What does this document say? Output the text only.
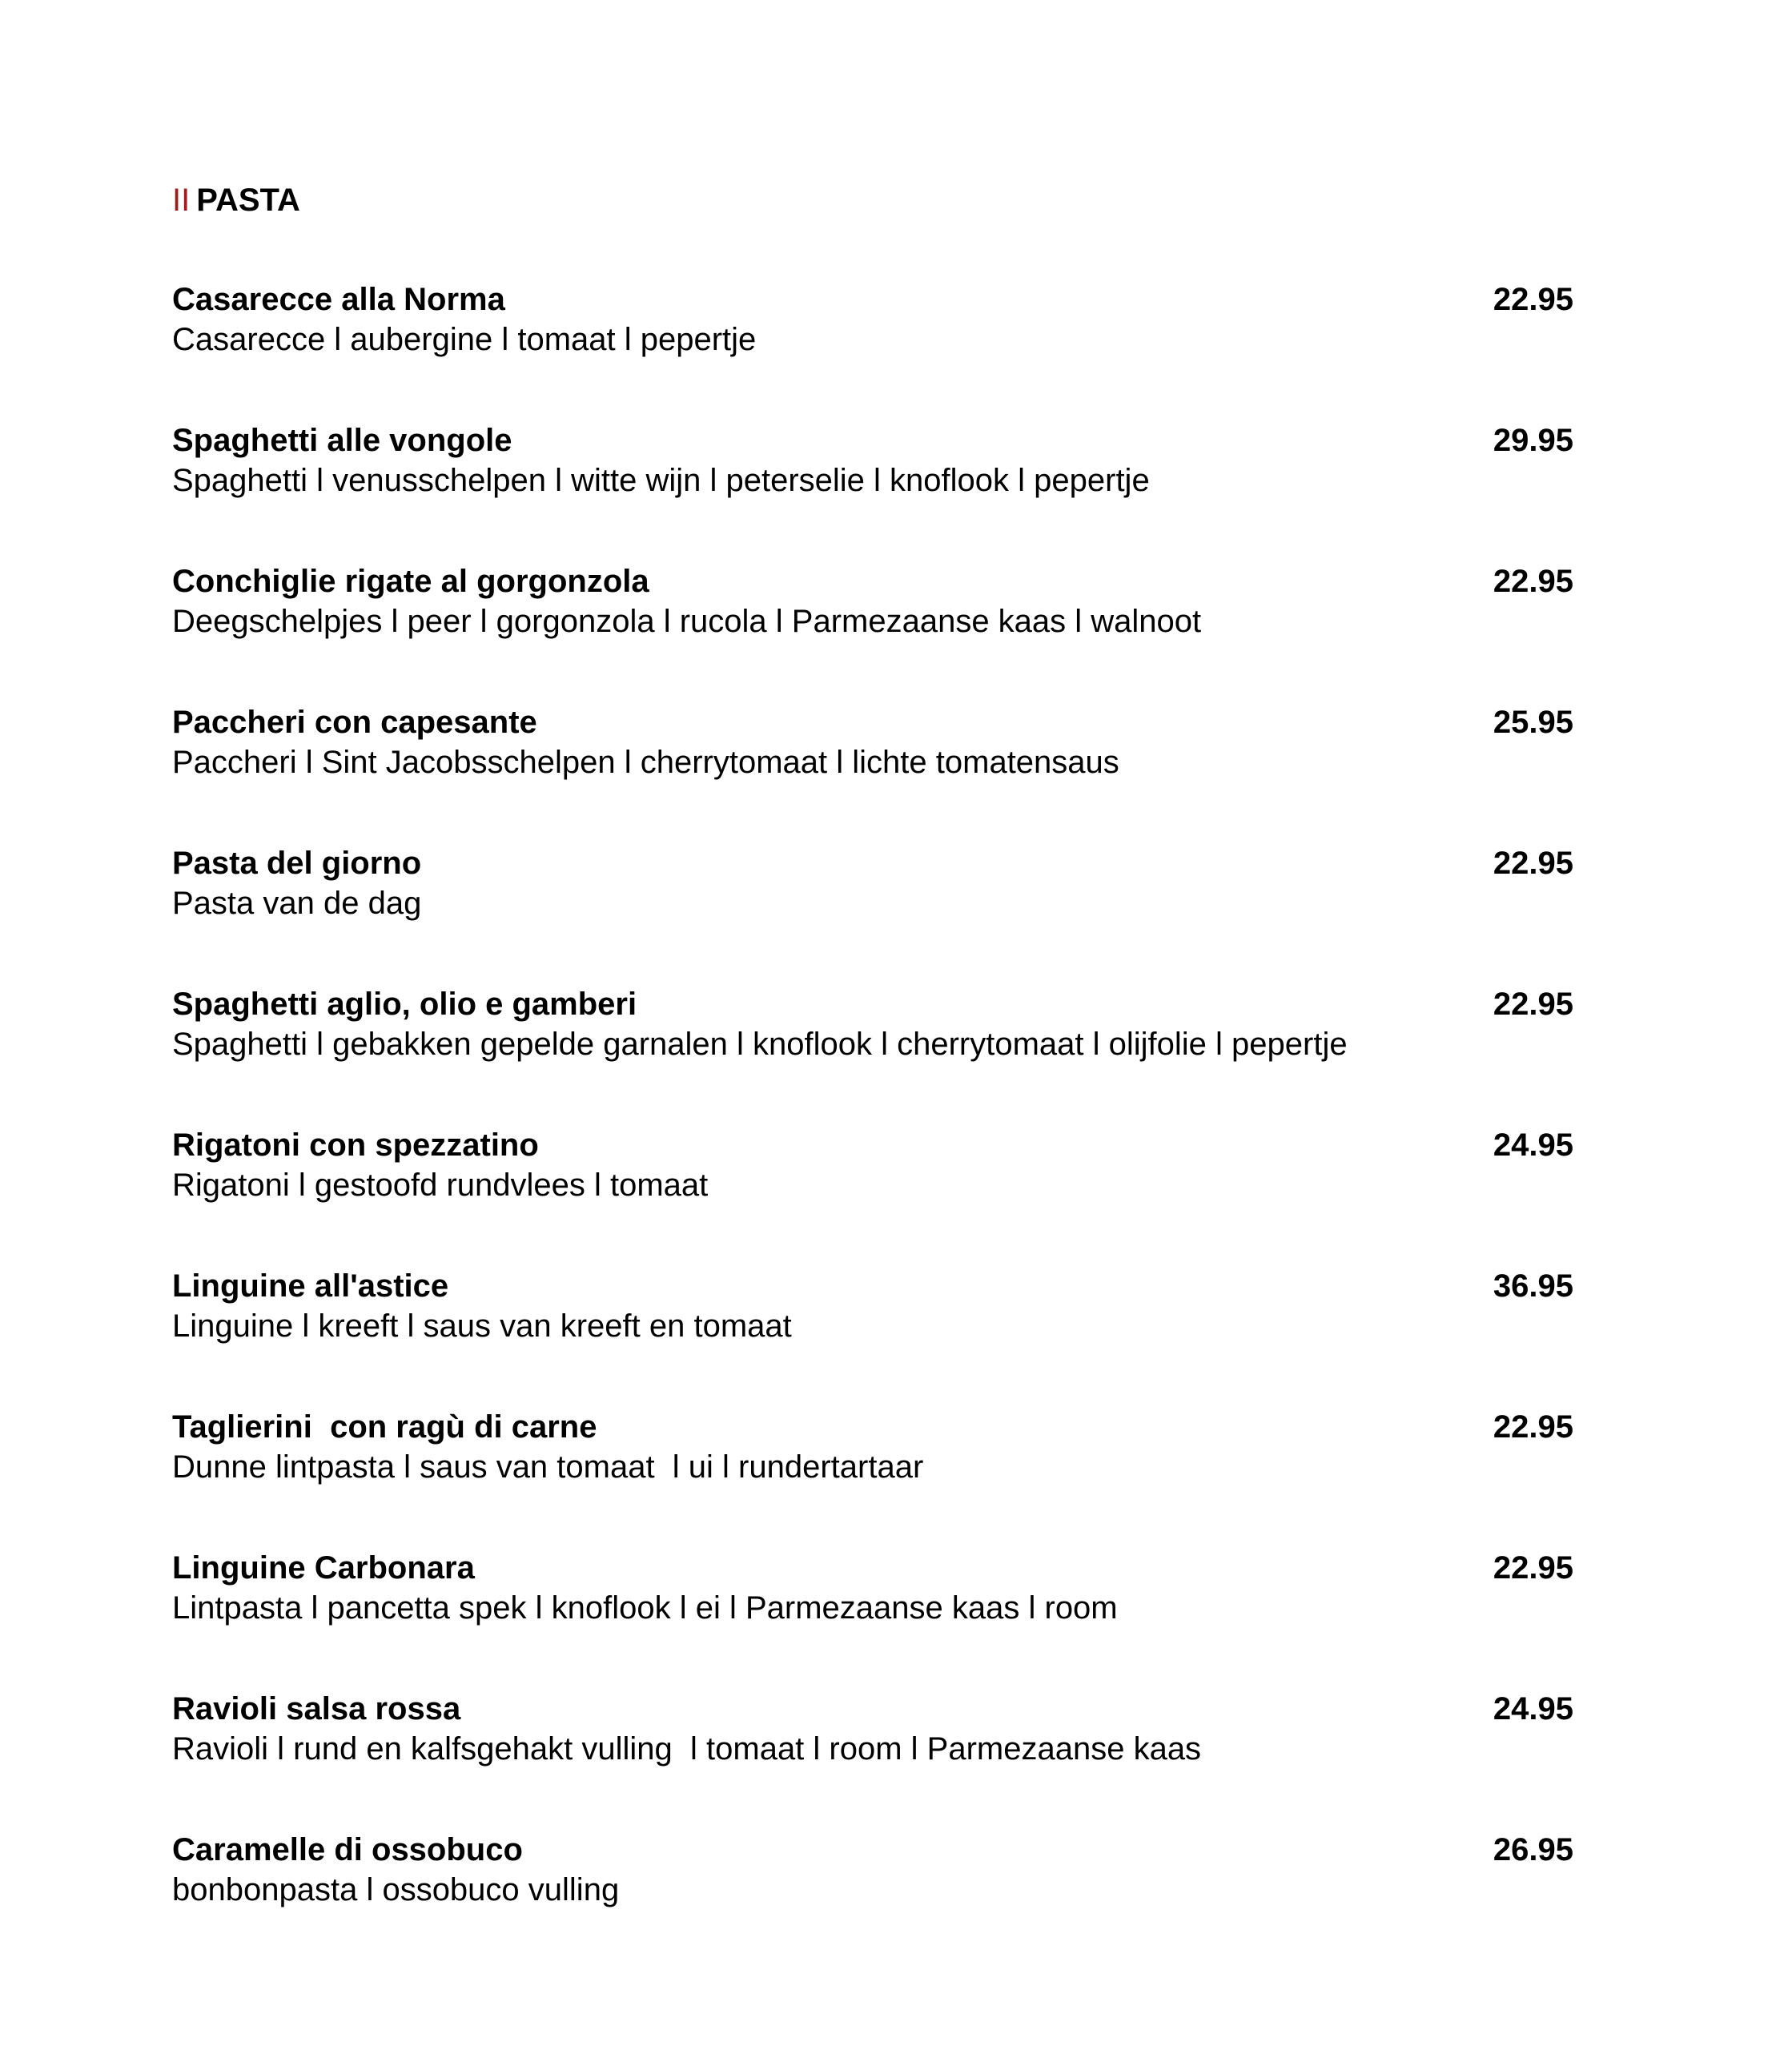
II PASTA
Casarecce alla Norma	22.95
Casarecce l aubergine l tomaat l pepertje
Spaghetti alle vongole	29.95
Spaghetti l venusschelpen l witte wijn l peterselie l knoflook l pepertje
Conchiglie rigate al gorgonzola	22.95
Deegschelpjes l peer l gorgonzola l rucola l Parmezaanse kaas l walnoot
Paccheri con capesante	25.95
Paccheri l Sint Jacobsschelpen l cherrytomaat l lichte tomatensaus
Pasta del giorno	22.95
Pasta van de dag
Spaghetti aglio, olio e gamberi	22.95
Spaghetti l gebakken gepelde garnalen l knoflook l cherrytomaat l olijfolie l pepertje
Rigatoni con spezzatino	24.95
Rigatoni l gestoofd rundvlees l tomaat
Linguine all'astice	36.95
Linguine l kreeft l saus van kreeft en tomaat
Taglierini  con ragù di carne	22.95
Dunne lintpasta l saus van tomaat  l ui l rundertartaar
Linguine Carbonara	22.95
Lintpasta l pancetta spek l knoflook l ei l Parmezaanse kaas l room
Ravioli salsa rossa	24.95
Ravioli l rund en kalfsgehakt vulling  l tomaat l room l Parmezaanse kaas
Caramelle di ossobuco	26.95
bonbonpasta l ossobuco vulling
